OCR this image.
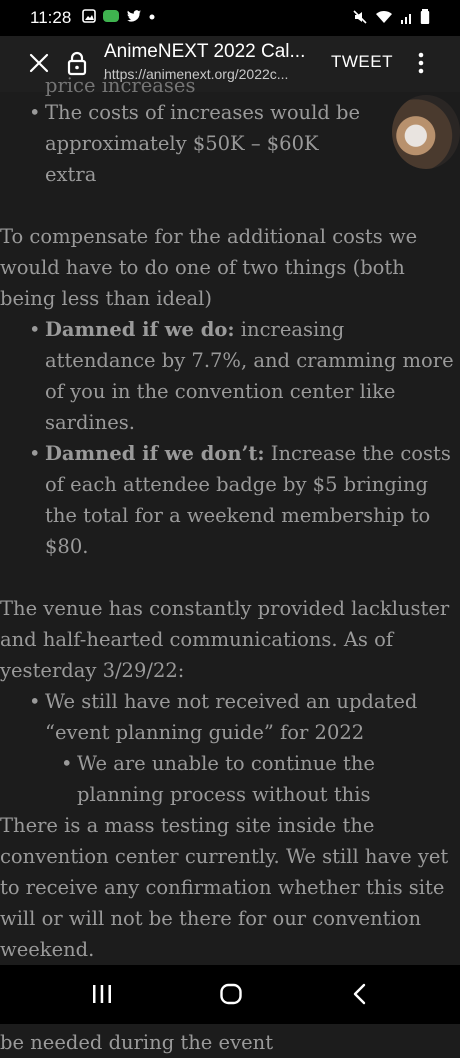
11:28
AnimeNEXT 2022 Cal...
https://animenext.org/2022c...
TWEET
price increases
• The costs of increases would be approximately $50K – $60K extra
• To compensate for the additional costs we would have to do one of two things (both being less than ideal)
• Damned if we do: increasing attendance by 7.7%, and cramming more of you in the convention center like sardines.
• Damned if we don’t: Increase the costs of each attendee badge by $5 bringing the total for a weekend membership to $80.
• The venue has constantly provided lackluster and half-hearted communications. As of yesterday 3/29/22:
• We still have not received an updated “event planning guide” for 2022
• We are unable to continue the planning process without this
• There is a mass testing site inside the convention center currently. We still have yet to receive any confirmation whether this site will or will not be there for our convention weekend.
• be needed during the event
